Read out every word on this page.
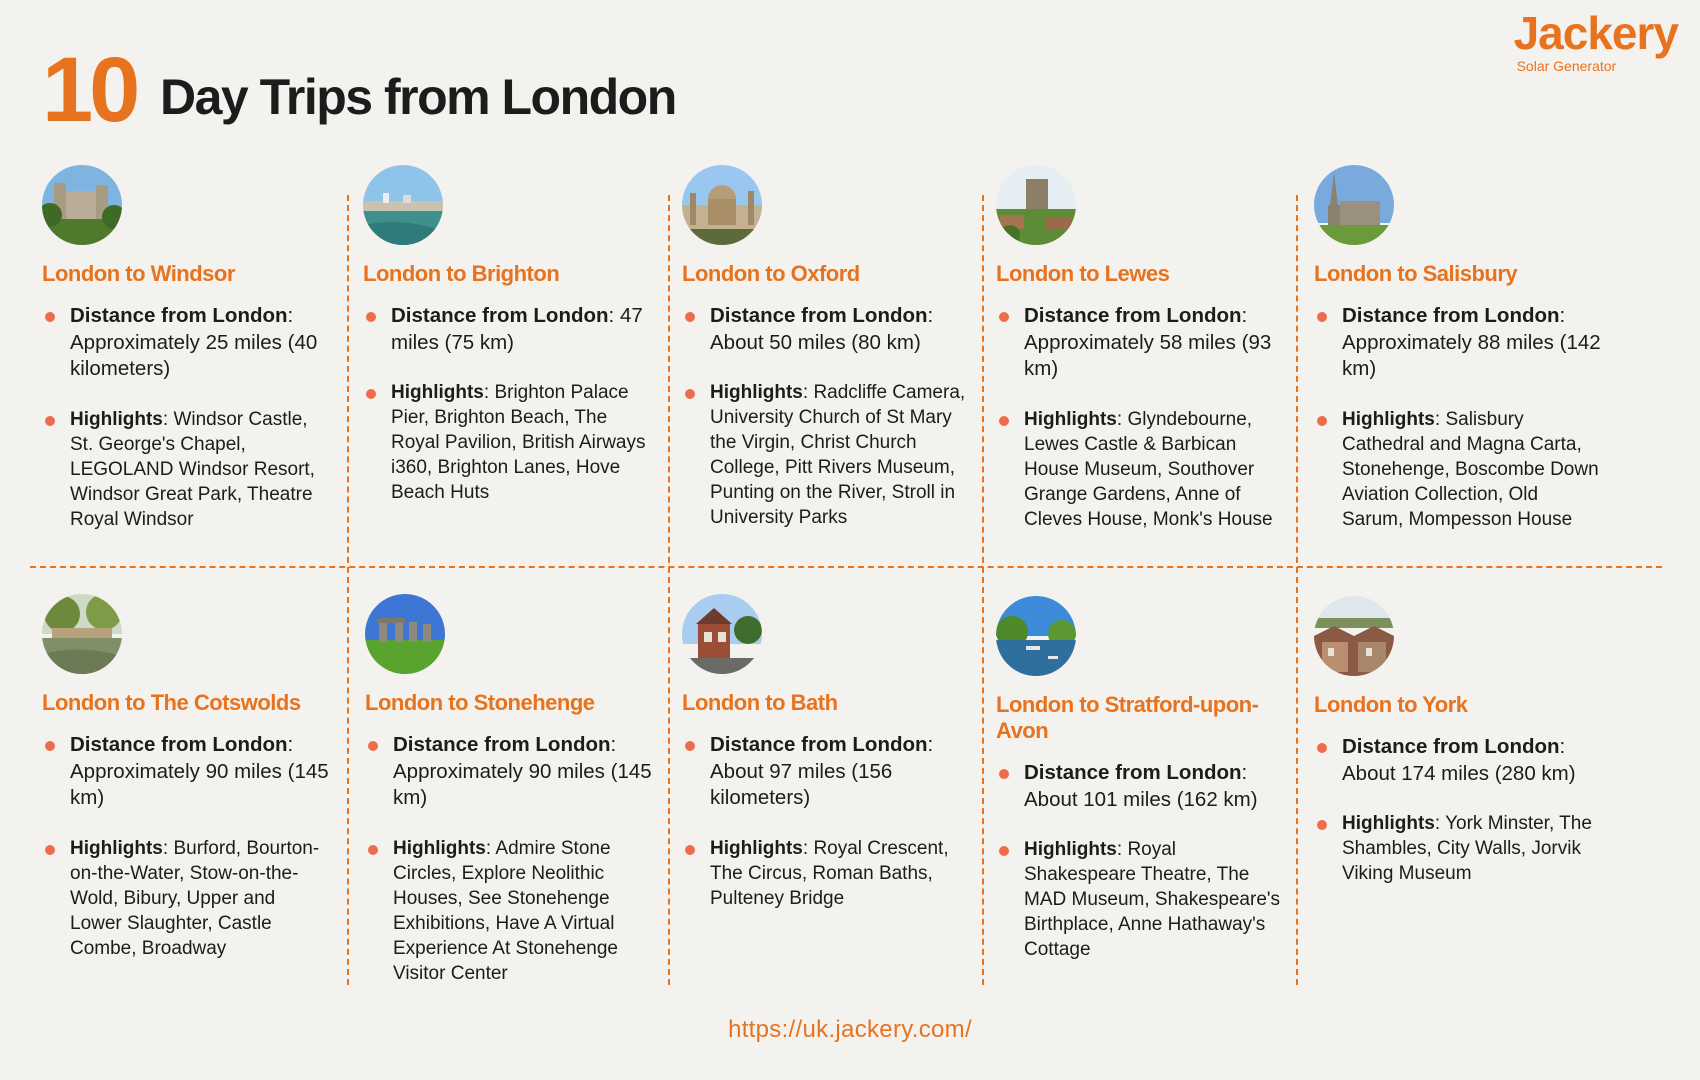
10 Day Trips from London
Jackery
Solar Generator
London to Windsor
Distance from London: Approximately 25 miles (40 kilometers)
Highlights: Windsor Castle, St. George's Chapel, LEGOLAND Windsor Resort, Windsor Great Park, Theatre Royal Windsor
London to Brighton
Distance from London: 47 miles (75 km)
Highlights: Brighton Palace Pier, Brighton Beach, The Royal Pavilion, British Airways i360, Brighton Lanes, Hove Beach Huts
London to Oxford
Distance from London: About 50 miles (80 km)
Highlights: Radcliffe Camera, University Church of St Mary the Virgin, Christ Church College, Pitt Rivers Museum, Punting on the River, Stroll in University Parks
London to Lewes
Distance from London: Approximately 58 miles (93 km)
Highlights: Glyndebourne, Lewes Castle & Barbican House Museum, Southover Grange Gardens, Anne of Cleves House, Monk's House
London to Salisbury
Distance from London: Approximately 88 miles (142 km)
Highlights: Salisbury Cathedral and Magna Carta, Stonehenge, Boscombe Down Aviation Collection, Old Sarum, Mompesson House
London to The Cotswolds
Distance from London: Approximately 90 miles (145 km)
Highlights: Burford, Bourton-on-the-Water, Stow-on-the-Wold, Bibury, Upper and Lower Slaughter, Castle Combe, Broadway
London to Stonehenge
Distance from London: Approximately 90 miles (145 km)
Highlights: Admire Stone Circles, Explore Neolithic Houses, See Stonehenge Exhibitions, Have A Virtual Experience At Stonehenge Visitor Center
London to Bath
Distance from London: About 97 miles (156 kilometers)
Highlights: Royal Crescent, The Circus, Roman Baths, Pulteney Bridge
London to Stratford-upon-Avon
Distance from London: About 101 miles (162 km)
Highlights: Royal Shakespeare Theatre, The MAD Museum, Shakespeare's Birthplace, Anne Hathaway's Cottage
London to York
Distance from London: About 174 miles (280 km)
Highlights: York Minster, The Shambles, City Walls, Jorvik Viking Museum
https://uk.jackery.com/
